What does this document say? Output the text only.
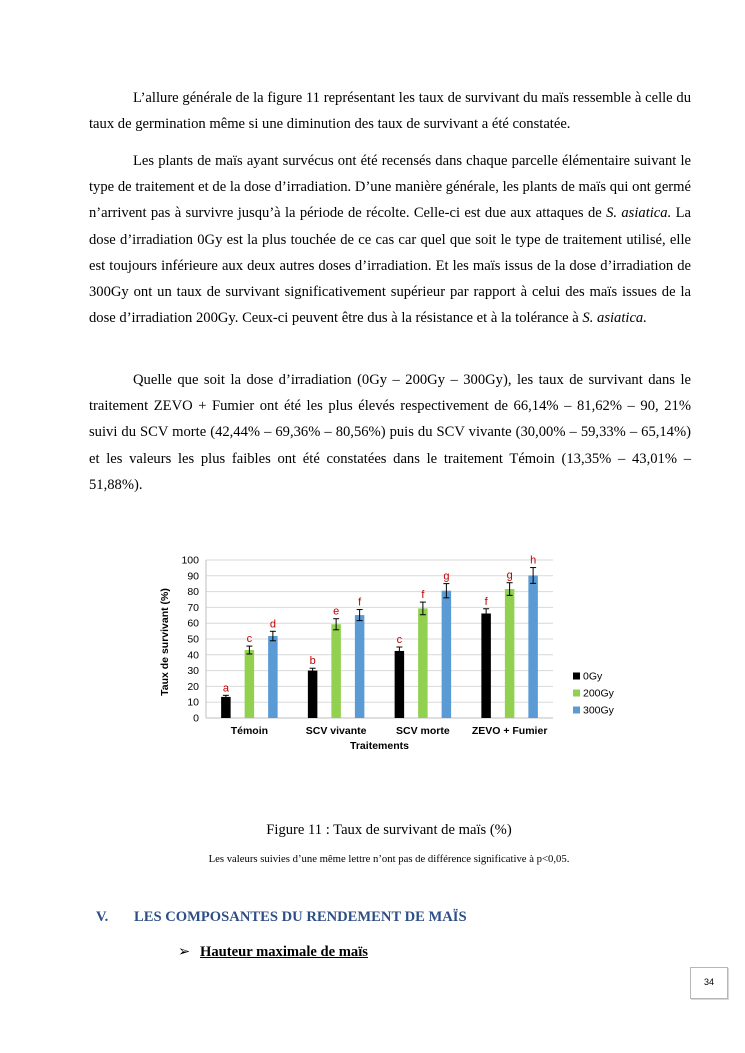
L’allure générale de la figure 11 représentant les taux de survivant du maïs ressemble à celle du taux de germination même si une diminution des taux de survivant a été constatée.

Les plants de maïs ayant survécus ont été recensés dans chaque parcelle élémentaire suivant le type de traitement et de la dose d’irradiation. D’une manière générale, les plants de maïs qui ont germé n’arrivent pas à survivre jusqu’à la période de récolte. Celle-ci est due aux attaques de S. asiatica. La dose d’irradiation 0Gy est la plus touchée de ce cas car quel que soit le type de traitement utilisé, elle est toujours inférieure aux deux autres doses d’irradiation. Et les maïs issus de la dose d’irradiation de 300Gy ont un taux de survivant significativement supérieur par rapport à celui des maïs issues de la dose d’irradiation 200Gy. Ceux-ci peuvent être dus à la résistance et à la tolérance à S. asiatica.

Quelle que soit la dose d’irradiation (0Gy – 200Gy – 300Gy), les taux de survivant dans le traitement ZEVO + Fumier ont été les plus élevés respectivement de 66,14% – 81,62% – 90, 21% suivi du SCV morte (42,44% – 69,36% – 80,56%) puis du SCV vivante (30,00% – 59,33% – 65,14%) et les valeurs les plus faibles ont été constatées dans le traitement Témoin (13,35% – 43,01% – 51,88%).

0
10
20
30
40
50
60
70
80
90
100
a
c
d
Témoin
b
e
f
SCV vivante
c
f
g
SCV morte
f
g
h
ZEVO + Fumier
Traitements
Taux de survivant (%)	0Gy
200Gy
300Gy
Figure 11 : Taux de survivant de maïs (%)
Les valeurs suivies d’une même lettre n’ont pas de différence significative à p<0,05.
V. LES COMPOSANTES DU RENDEMENT DE MAÏS
➢ Hauteur maximale de maïs
34
